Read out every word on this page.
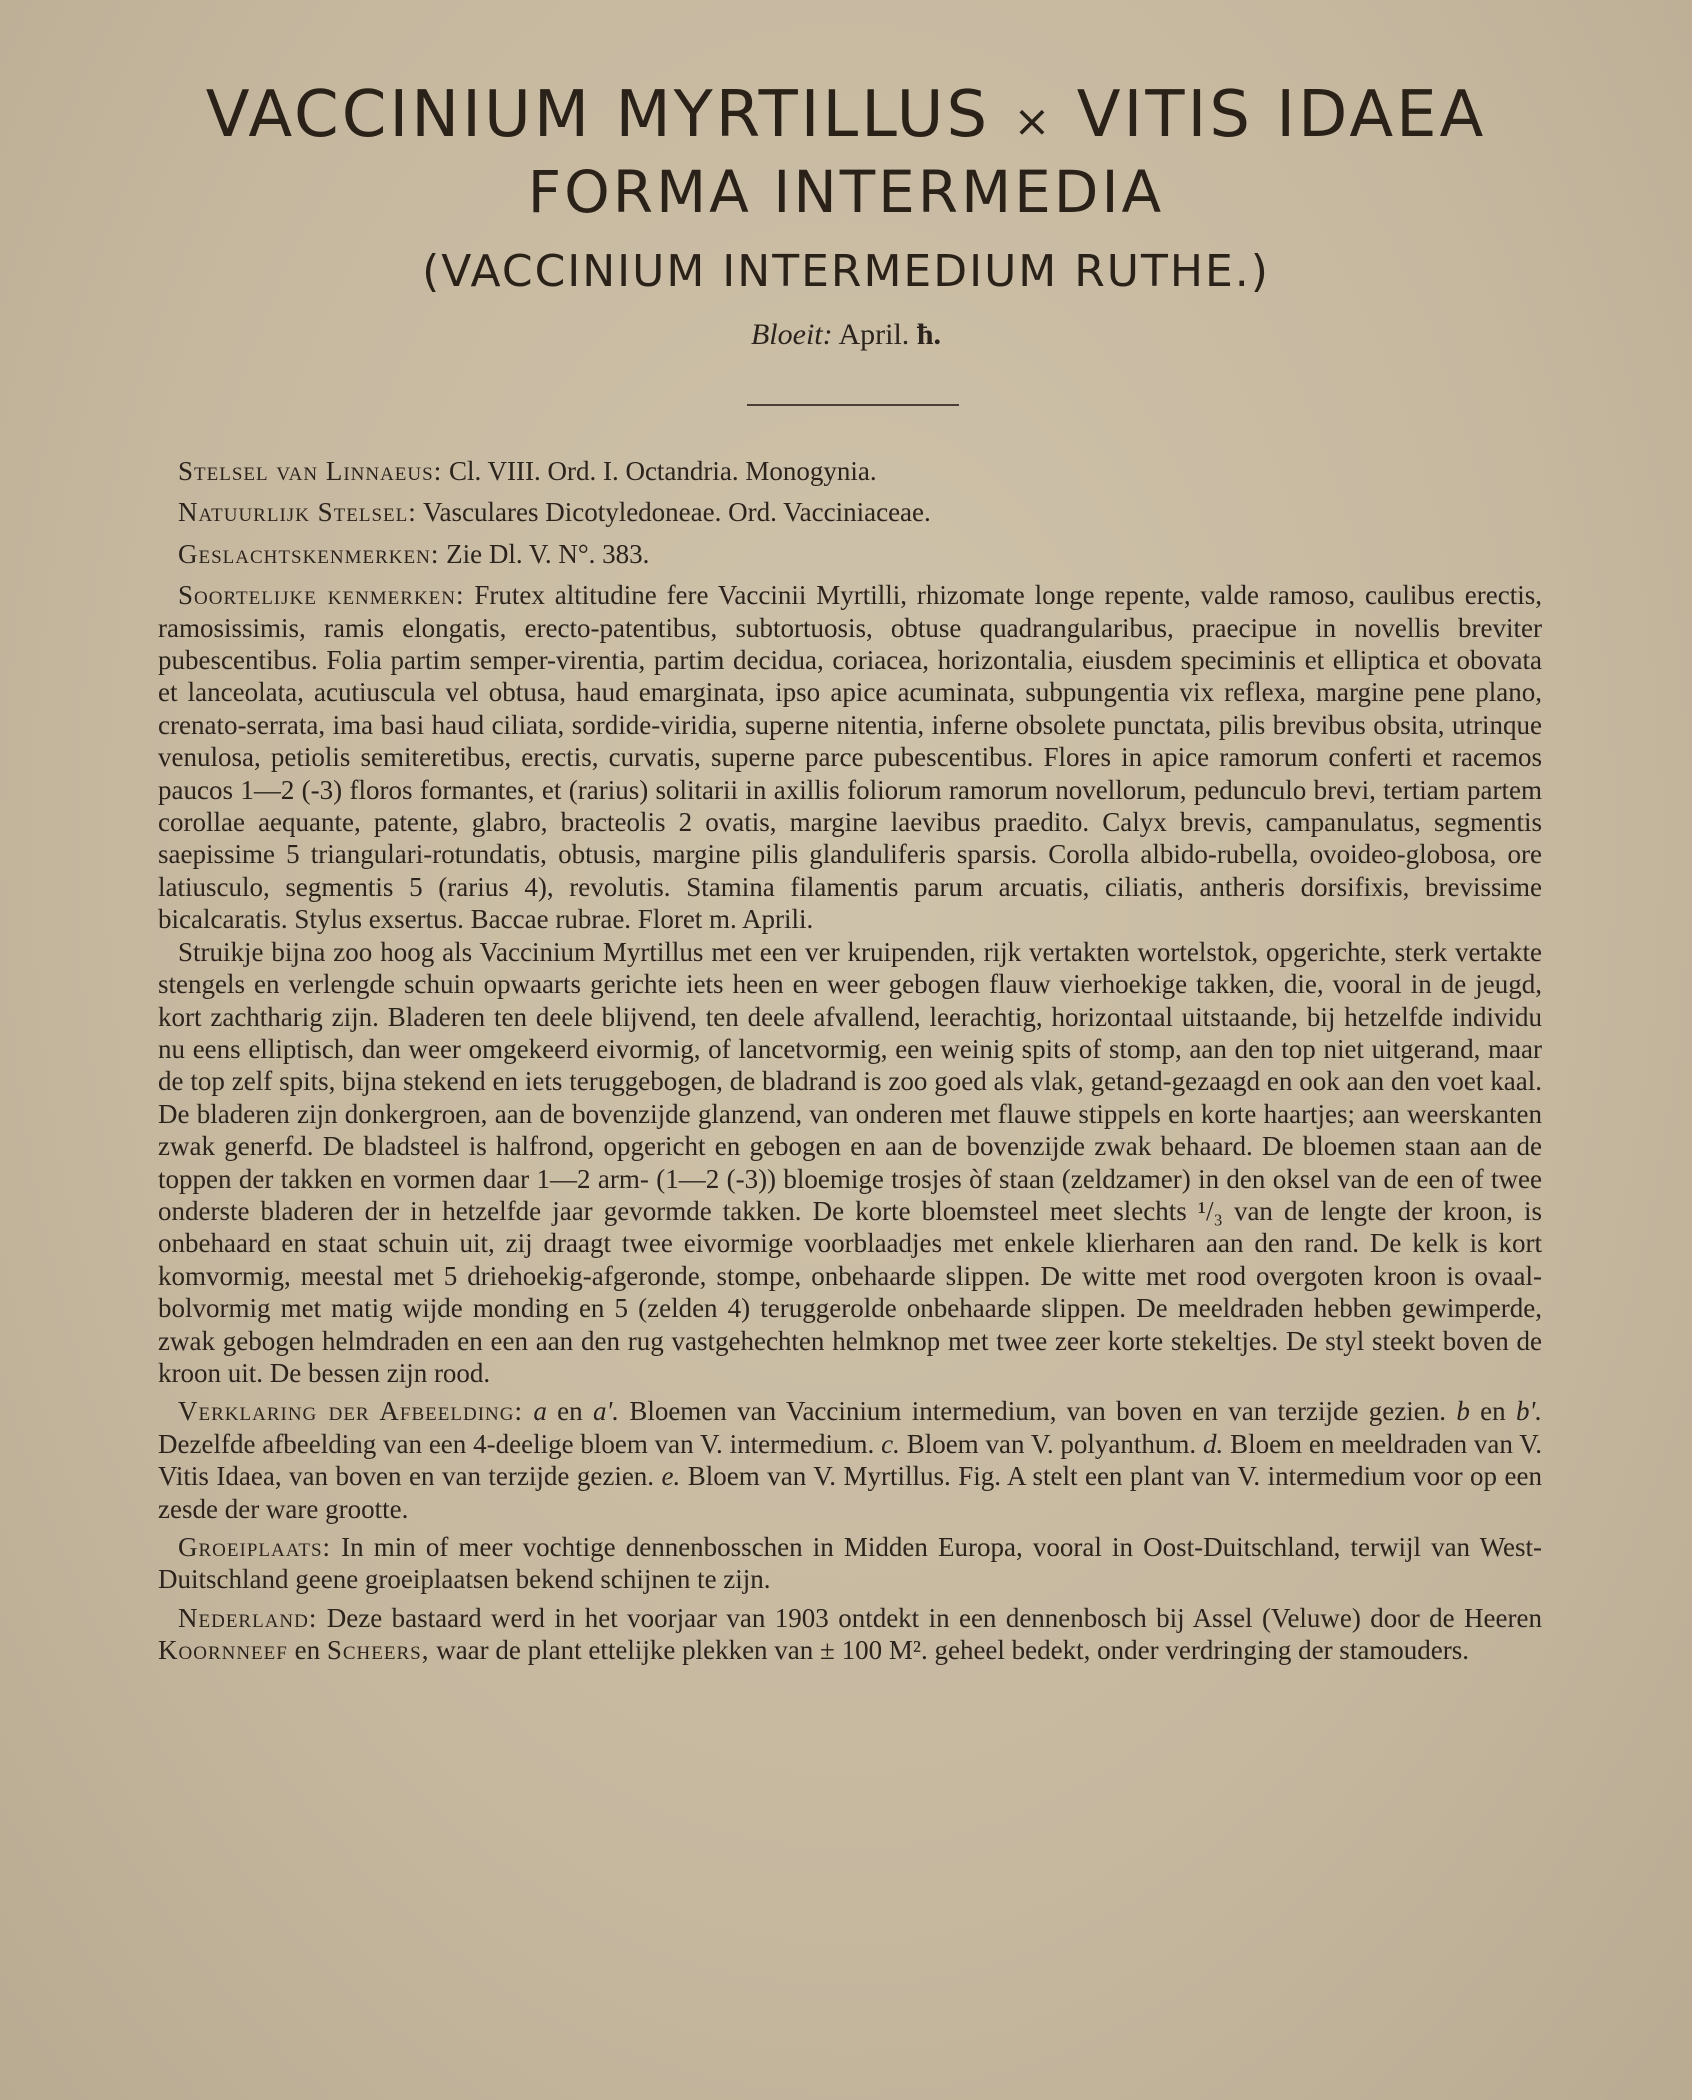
VACCINIUM MYRTILLUS × VITIS IDAEA
FORMA INTERMEDIA
(VACCINIUM INTERMEDIUM RUTHE.)
Bloeit: April. ħ.

Stelsel van Linnaeus: Cl. VIII. Ord. I. Octandria. Monogynia.

Natuurlijk Stelsel: Vasculares Dicotyledoneae. Ord. Vacciniaceae.

Geslachtskenmerken: Zie Dl. V. N°. 383.

Soortelijke kenmerken: Frutex altitudine fere Vaccinii Myrtilli, rhizomate longe repente, valde ramoso, caulibus erectis, ramosissimis, ramis elongatis, erecto-patentibus, subtortuosis, obtuse quadrangularibus, praecipue in novellis breviter pubescentibus. Folia partim semper-virentia, partim decidua, coriacea, horizontalia, eiusdem speciminis et elliptica et obovata et lanceolata, acutiuscula vel obtusa, haud emarginata, ipso apice acuminata, subpungentia vix reflexa, margine pene plano, crenato-serrata, ima basi haud ciliata, sordide-viridia, superne nitentia, inferne obsolete punctata, pilis brevibus obsita, utrinque venulosa, petiolis semiteretibus, erectis, curvatis, superne parce pubescentibus. Flores in apice ramorum conferti et racemos paucos 1—2 (-3) floros formantes, et (rarius) solitarii in axillis foliorum ramorum novellorum, pedunculo brevi, tertiam partem corollae aequante, patente, glabro, bracteolis 2 ovatis, margine laevibus praedito. Calyx brevis, campanulatus, segmentis saepissime 5 triangulari-rotundatis, obtusis, margine pilis glanduliferis sparsis. Corolla albido-rubella, ovoideo-globosa, ore latiusculo, segmentis 5 (rarius 4), revolutis. Stamina filamentis parum arcuatis, ciliatis, antheris dorsifixis, brevissime bicalcaratis. Stylus exsertus. Baccae rubrae. Floret m. Aprili.

Struikje bijna zoo hoog als Vaccinium Myrtillus met een ver kruipenden, rijk vertakten wortelstok, opgerichte, sterk vertakte stengels en verlengde schuin opwaarts gerichte iets heen en weer gebogen flauw vierhoekige takken, die, vooral in de jeugd, kort zachtharig zijn. Bladeren ten deele blijvend, ten deele afvallend, leerachtig, horizontaal uitstaande, bij hetzelfde individu nu eens elliptisch, dan weer omgekeerd eivormig, of lancetvormig, een weinig spits of stomp, aan den top niet uitgerand, maar de top zelf spits, bijna stekend en iets teruggebogen, de bladrand is zoo goed als vlak, getand-gezaagd en ook aan den voet kaal. De bladeren zijn donkergroen, aan de bovenzijde glanzend, van onderen met flauwe stippels en korte haartjes; aan weerskanten zwak generfd. De bladsteel is halfrond, opgericht en gebogen en aan de bovenzijde zwak behaard. De bloemen staan aan de toppen der takken en vormen daar 1—2 arm- (1—2 (-3)) bloemige trosjes òf staan (zeldzamer) in den oksel van de een of twee onderste bladeren der in hetzelfde jaar gevormde takken. De korte bloemsteel meet slechts ¹/₃ van de lengte der kroon, is onbehaard en staat schuin uit, zij draagt twee eivormige voorblaadjes met enkele klierharen aan den rand. De kelk is kort komvormig, meestal met 5 driehoekig-afgeronde, stompe, onbehaarde slippen. De witte met rood overgoten kroon is ovaal-bolvormig met matig wijde monding en 5 (zelden 4) teruggerolde onbehaarde slippen. De meeldraden hebben gewimperde, zwak gebogen helmdraden en een aan den rug vastgehechten helmknop met twee zeer korte stekeltjes. De styl steekt boven de kroon uit. De bessen zijn rood.

Verklaring der Afbeelding: a en a'. Bloemen van Vaccinium intermedium, van boven en van terzijde gezien. b en b'. Dezelfde afbeelding van een 4-deelige bloem van V. intermedium. c. Bloem van V. polyanthum. d. Bloem en meeldraden van V. Vitis Idaea, van boven en van terzijde gezien. e. Bloem van V. Myrtillus. Fig. A stelt een plant van V. intermedium voor op een zesde der ware grootte.

Groeiplaats: In min of meer vochtige dennenbosschen in Midden Europa, vooral in Oost-Duitschland, terwijl van West-Duitschland geene groeiplaatsen bekend schijnen te zijn.

Nederland: Deze bastaard werd in het voorjaar van 1903 ontdekt in een dennenbosch bij Assel (Veluwe) door de Heeren Koornneef en Scheers, waar de plant ettelijke plekken van ± 100 M². geheel bedekt, onder verdringing der stamouders.
